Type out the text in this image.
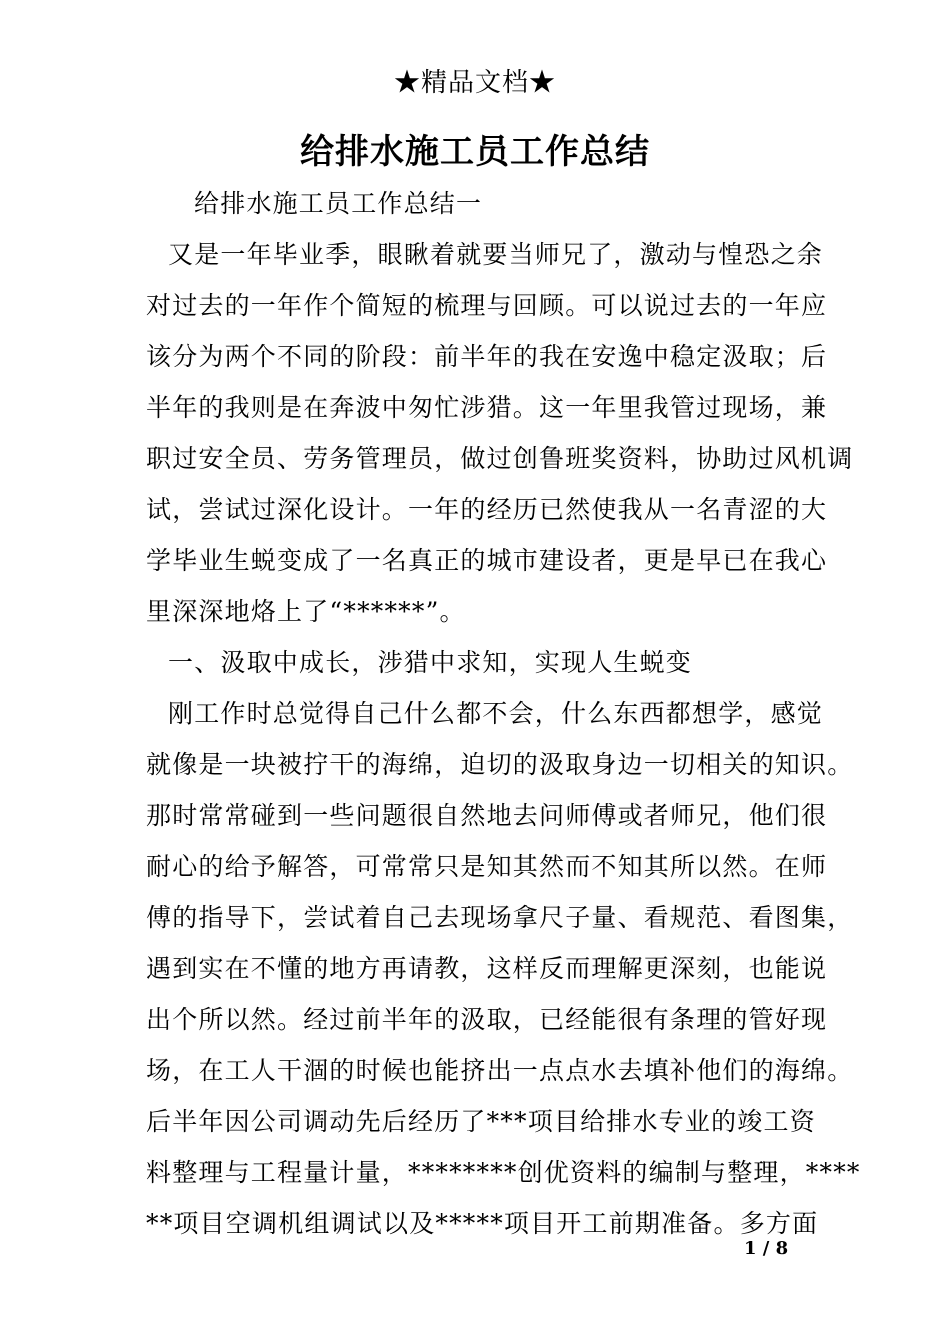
★精品文档★
给排水施工员工作总结
给排水施工员工作总结一
又是一年毕业季，眼瞅着就要当师兄了，激动与惶恐之余
对过去的一年作个简短的梳理与回顾。可以说过去的一年应
该分为两个不同的阶段：前半年的我在安逸中稳定汲取；后
半年的我则是在奔波中匆忙涉猎。这一年里我管过现场，兼
职过安全员、劳务管理员，做过创鲁班奖资料，协助过风机调
试，尝试过深化设计。一年的经历已然使我从一名青涩的大
学毕业生蜕变成了一名真正的城市建设者，更是早已在我心
里深深地烙上了“******”。
一、汲取中成长，涉猎中求知，实现人生蜕变
刚工作时总觉得自己什么都不会，什么东西都想学，感觉
就像是一块被拧干的海绵，迫切的汲取身边一切相关的知识。
那时常常碰到一些问题很自然地去问师傅或者师兄，他们很
耐心的给予解答，可常常只是知其然而不知其所以然。在师
傅的指导下，尝试着自己去现场拿尺子量、看规范、看图集，
遇到实在不懂的地方再请教，这样反而理解更深刻，也能说
出个所以然。经过前半年的汲取，已经能很有条理的管好现
场，在工人干涸的时候也能挤出一点点水去填补他们的海绵。
后半年因公司调动先后经历了***项目给排水专业的竣工资
料整理与工程量计量，********创优资料的编制与整理，****
**项目空调机组调试以及*****项目开工前期准备。多方面
1 / 8
